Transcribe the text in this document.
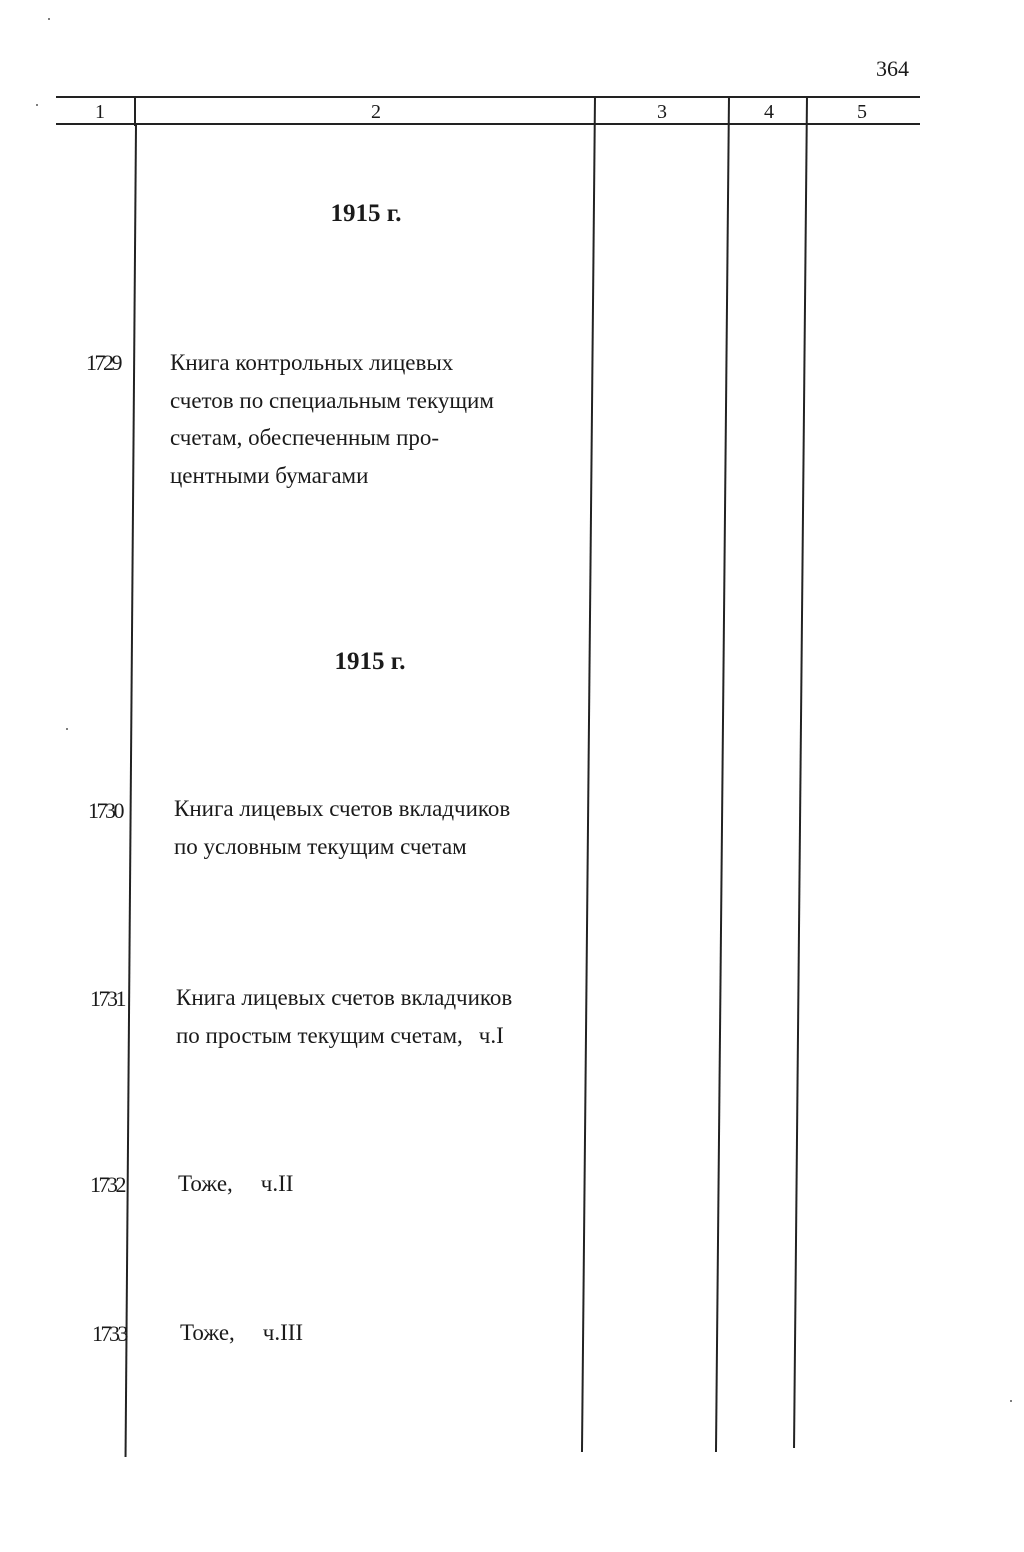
364
1	2	3	4	5
1915 г.
1729 Книга контрольных лицевых
счетов по специальным текущим
счетам, обеспеченным про-
центными бумагами
1915 г.
1730 Книга лицевых счетов вкладчиков
по условным текущим счетам
1731 Книга лицевых счетов вкладчиков
по простым текущим счетам, ч.I
1732 Тоже, ч.II
1733 Тоже, ч.III
